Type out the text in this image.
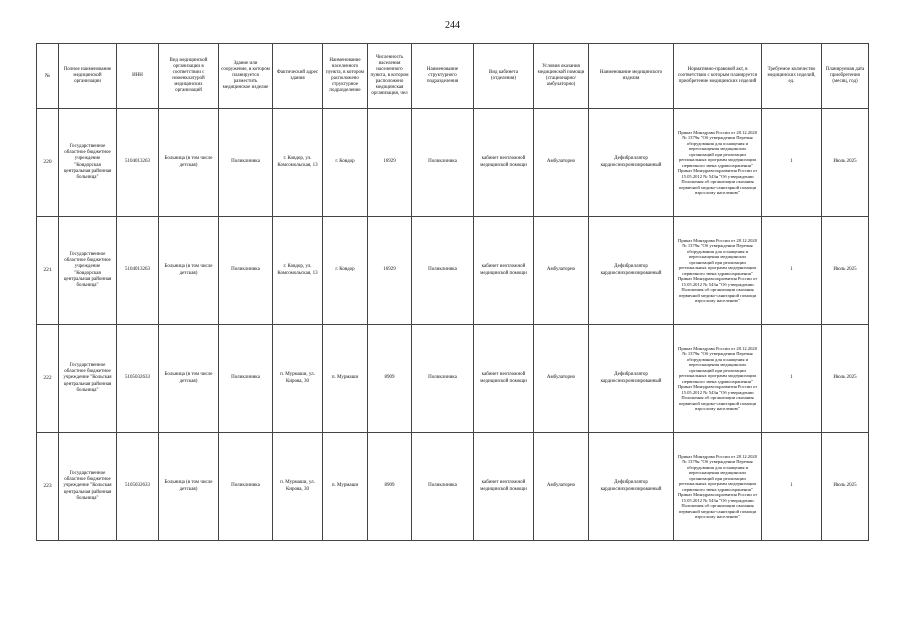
244
№	Полное наименование медицинской организации	ИНН	Вид медицинской организации в соответствии с номенклатурой медицинских организаций	Здание или сооружение, в котором планируется разместить медицинское изделие	Фактический адрес здания	Наименование населенного пункта, в котором расположено структурное подразделение	Численность населения населенного пункта, в котором расположено медицинская организация, чел	Наименование структурного подразделения	Вид кабинета (отделения)	Условия оказания медицинской помощи (стационарно/амбулаторно)	Наименование медицинского изделия	Нормативно-правовой акт, в соответствии с которым планируется приобретение медицинских изделий	Требуемое количество медицинских изделий, ед.	Планируемая дата приобретения (месяц, год)
220	Государственное областное бюджетное учреждение "Ковдорская центральная районная больница"	5104013263	Больница (в том числе детская)	Поликлиника	г. Ковдор, ул. Комсомольская, 13	г. Ковдор	16929	Поликлиника	кабинет неотложной медицинской помощи	Амбулаторно	Дефибриллятор кардиосинхронизированный	Приказ Минздрава России от 28.12.2020 № 1379н "Об утверждении Перечня оборудования для оснащения и переоснащения медицинских организаций при реализации региональных программ модернизации первичного звена здравоохранения" Приказ Минздравсоцразвития России от 15.05.2012 № 543н "Об утверждении Положения об организации оказания первичной медико-санитарной помощи взрослому населению"	1	Июль 2025
221	Государственное областное бюджетное учреждение "Ковдорская центральная районная больница"	5104013263	Больница (в том числе детская)	Поликлиника	г. Ковдор, ул. Комсомольская, 13	г. Ковдор	16929	Поликлиника	кабинет неотложной медицинской помощи	Амбулаторно	Дефибриллятор кардиосинхронизированный	Приказ Минздрава России от 28.12.2020 № 1379н "Об утверждении Перечня оборудования для оснащения и переоснащения медицинских организаций при реализации региональных программ модернизации первичного звена здравоохранения" Приказ Минздравсоцразвития России от 15.05.2012 № 543н "Об утверждении Положения об организации оказания первичной медико-санитарной помощи взрослому населению"	1	Июль 2025
222	Государственное областное бюджетное учреждение "Кольская центральная районная больница"	5105032633	Больница (в том числе детская)	Поликлиника	п. Мурмаши, ул. Кирова, 30	п. Мурмаши	8909	Поликлиника	кабинет неотложной медицинской помощи	Амбулаторно	Дефибриллятор кардиосинхронизированный	Приказ Минздрава России от 28.12.2020 № 1379н "Об утверждении Перечня оборудования для оснащения и переоснащения медицинских организаций при реализации региональных программ модернизации первичного звена здравоохранения" Приказ Минздравсоцразвития России от 15.05.2012 № 543н "Об утверждении Положения об организации оказания первичной медико-санитарной помощи взрослому населению"	1	Июль 2025
223	Государственное областное бюджетное учреждение "Кольская центральная районная больница"	5105032633	Больница (в том числе детская)	Поликлиника	п. Мурмаши, ул. Кирова, 30	п. Мурмаши	8909	Поликлиника	кабинет неотложной медицинской помощи	Амбулаторно	Дефибриллятор кардиосинхронизированный	Приказ Минздрава России от 28.12.2020 № 1379н "Об утверждении Перечня оборудования для оснащения и переоснащения медицинских организаций при реализации региональных программ модернизации первичного звена здравоохранения" Приказ Минздравсоцразвития России от 15.05.2012 № 543н "Об утверждении Положения об организации оказания первичной медико-санитарной помощи взрослому населению"	1	Июль 2025
